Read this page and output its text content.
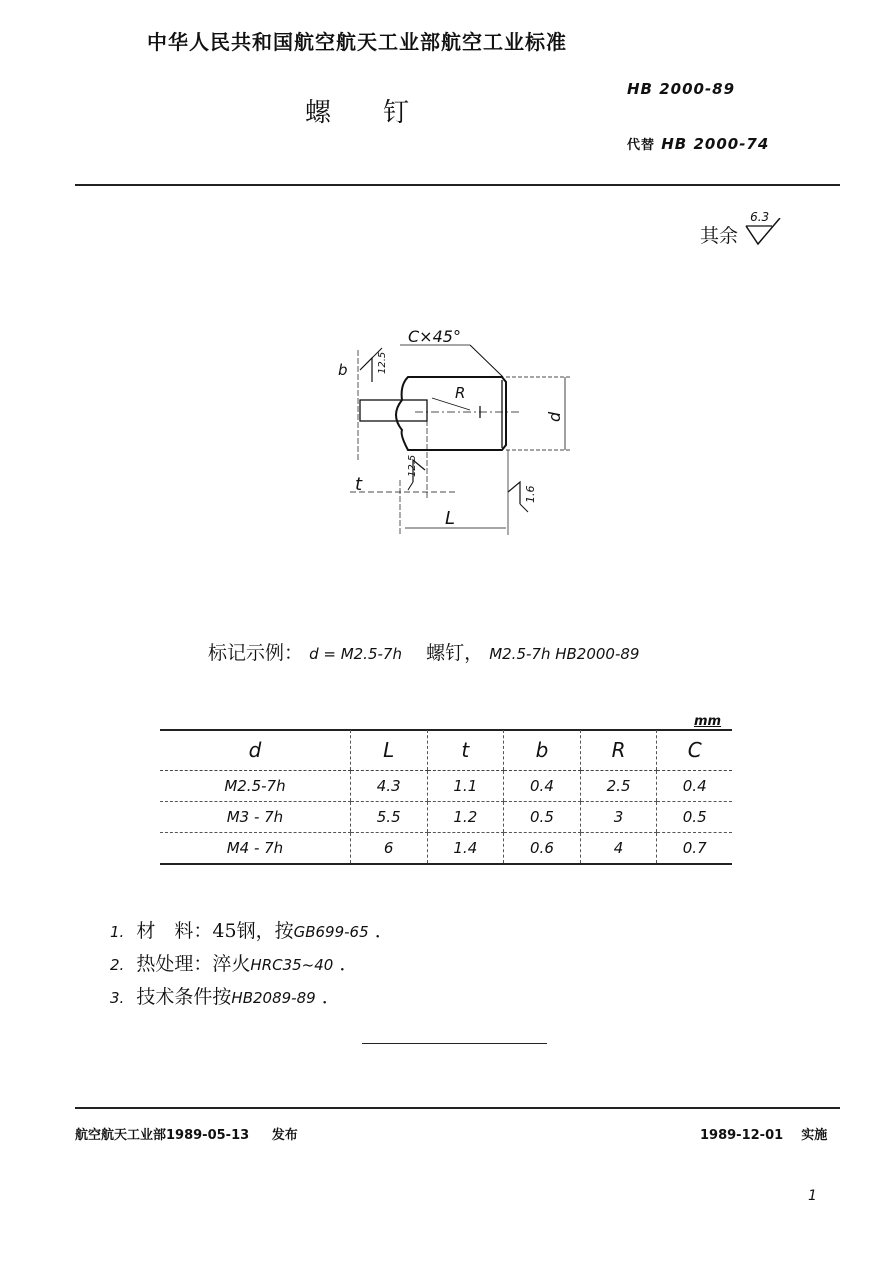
中华人民共和国航空航天工业部航空工业标准
螺　　钉
HB 2000-89
代替 HB 2000-74
其余
6.3
C×45°
b	12.5
R
d
t
12.5
1.6
L
标记示例： d = M2.5-7h 螺钉， M2.5-7h HB2000-89
mm
d	L	t	b	R	C
M2.5-7h	4.3	1.1	0.4	2.5	0.4
M3 - 7h	5.5	1.2	0.5	3	0.5
M4 - 7h	6	1.4	0.6	4	0.7
1. 材　料：45钢，按GB699-65 ．
2. 热处理：淬火HRC35~40 ．
3. 技术条件按HB2089-89 ．
航空航天工业部1989-05-13 发布	1989-12-01 实施
1
